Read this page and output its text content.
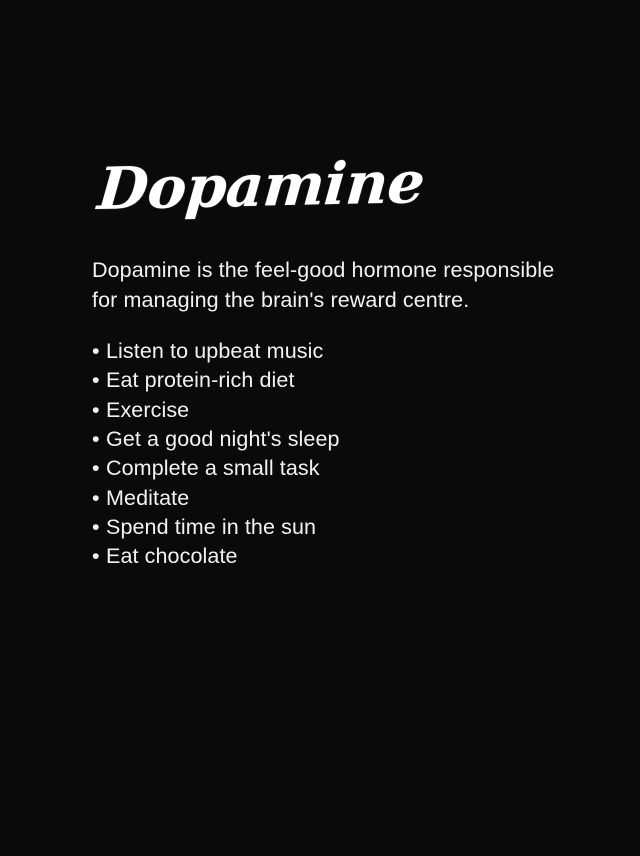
Dopamine

Dopamine is the feel-good hormone responsible for managing the brain's reward centre.

• Listen to upbeat music
• Eat protein-rich diet
• Exercise
• Get a good night's sleep
• Complete a small task
• Meditate
• Spend time in the sun
• Eat chocolate
